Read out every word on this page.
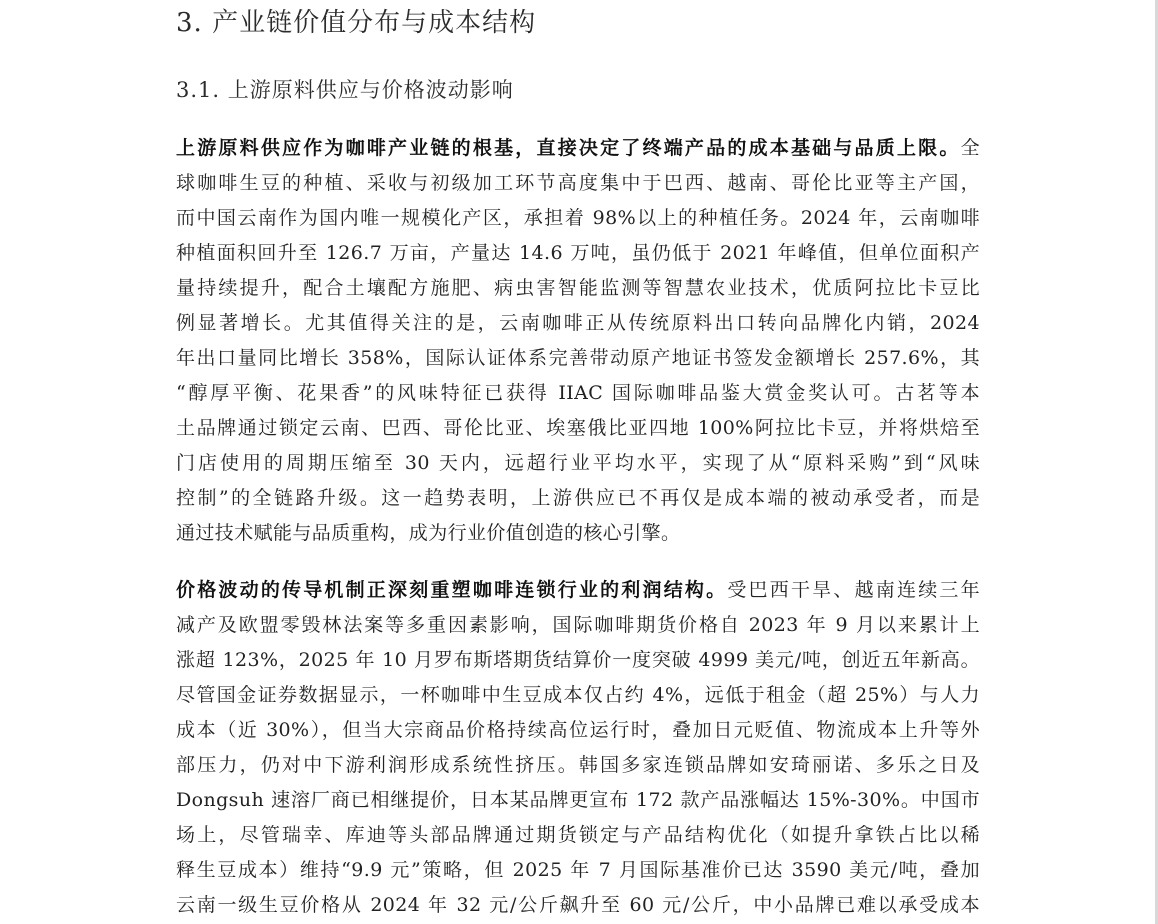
3. 产业链价值分布与成本结构
3.1. 上游原料供应与价格波动影响
上游原料供应作为咖啡产业链的根基，直接决定了终端产品的成本基础与品质上限。全
球咖啡生豆的种植、采收与初级加工环节高度集中于巴西、越南、哥伦比亚等主产国，
而中国云南作为国内唯一规模化产区，承担着 98%以上的种植任务。2024 年，云南咖啡
种植面积回升至 126.7 万亩，产量达 14.6 万吨，虽仍低于 2021 年峰值，但单位面积产
量持续提升，配合土壤配方施肥、病虫害智能监测等智慧农业技术，优质阿拉比卡豆比
例显著增长。尤其值得关注的是，云南咖啡正从传统原料出口转向品牌化内销，2024
年出口量同比增长 358%，国际认证体系完善带动原产地证书签发金额增长 257.6%，其
“醇厚平衡、花果香”的风味特征已获得 IIAC 国际咖啡品鉴大赏金奖认可。古茗等本
土品牌通过锁定云南、巴西、哥伦比亚、埃塞俄比亚四地 100%阿拉比卡豆，并将烘焙至
门店使用的周期压缩至 30 天内，远超行业平均水平，实现了从“原料采购”到“风味
控制”的全链路升级。这一趋势表明，上游供应已不再仅是成本端的被动承受者，而是
通过技术赋能与品质重构，成为行业价值创造的核心引擎。
价格波动的传导机制正深刻重塑咖啡连锁行业的利润结构。受巴西干旱、越南连续三年
减产及欧盟零毁林法案等多重因素影响，国际咖啡期货价格自 2023 年 9 月以来累计上
涨超 123%，2025 年 10 月罗布斯塔期货结算价一度突破 4999 美元/吨，创近五年新高。
尽管国金证券数据显示，一杯咖啡中生豆成本仅占约 4%，远低于租金（超 25%）与人力
成本（近 30%），但当大宗商品价格持续高位运行时，叠加日元贬值、物流成本上升等外
部压力，仍对中下游利润形成系统性挤压。韩国多家连锁品牌如安琦丽诺、多乐之日及
Dongsuh 速溶厂商已相继提价，日本某品牌更宣布 172 款产品涨幅达 15%-30%。中国市
场上，尽管瑞幸、库迪等头部品牌通过期货锁定与产品结构优化（如提升拿铁占比以稀
释生豆成本）维持“9.9 元”策略，但 2025 年 7 月国际基准价已达 3590 美元/吨，叠加
云南一级生豆价格从 2024 年 32 元/公斤飙升至 60 元/公斤，中小品牌已难以承受成本
